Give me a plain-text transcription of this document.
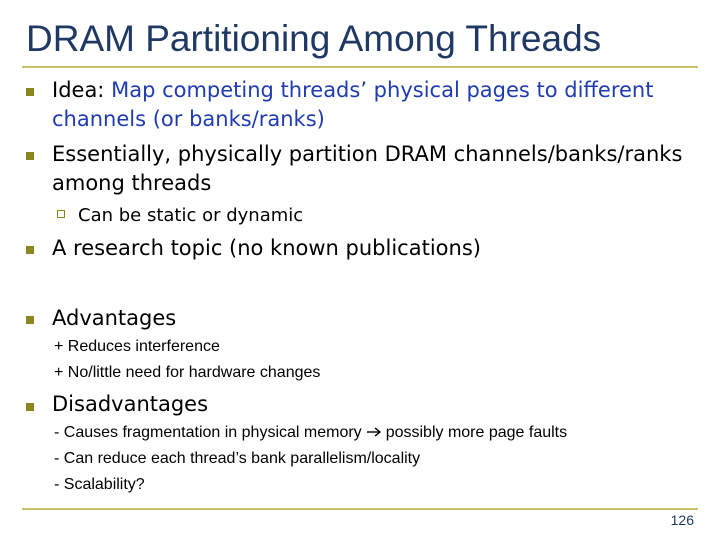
DRAM Partitioning Among Threads
Idea: Map competing threads’ physical pages to different
channels (or banks/ranks)
Essentially, physically partition DRAM channels/banks/ranks
among threads
Can be static or dynamic
A research topic (no known publications)
Advantages
+ Reduces interference
+ No/little need for hardware changes
Disadvantages
- Causes fragmentation in physical memory possibly more page faults
- Can reduce each thread’s bank parallelism/locality
- Scalability?
126
